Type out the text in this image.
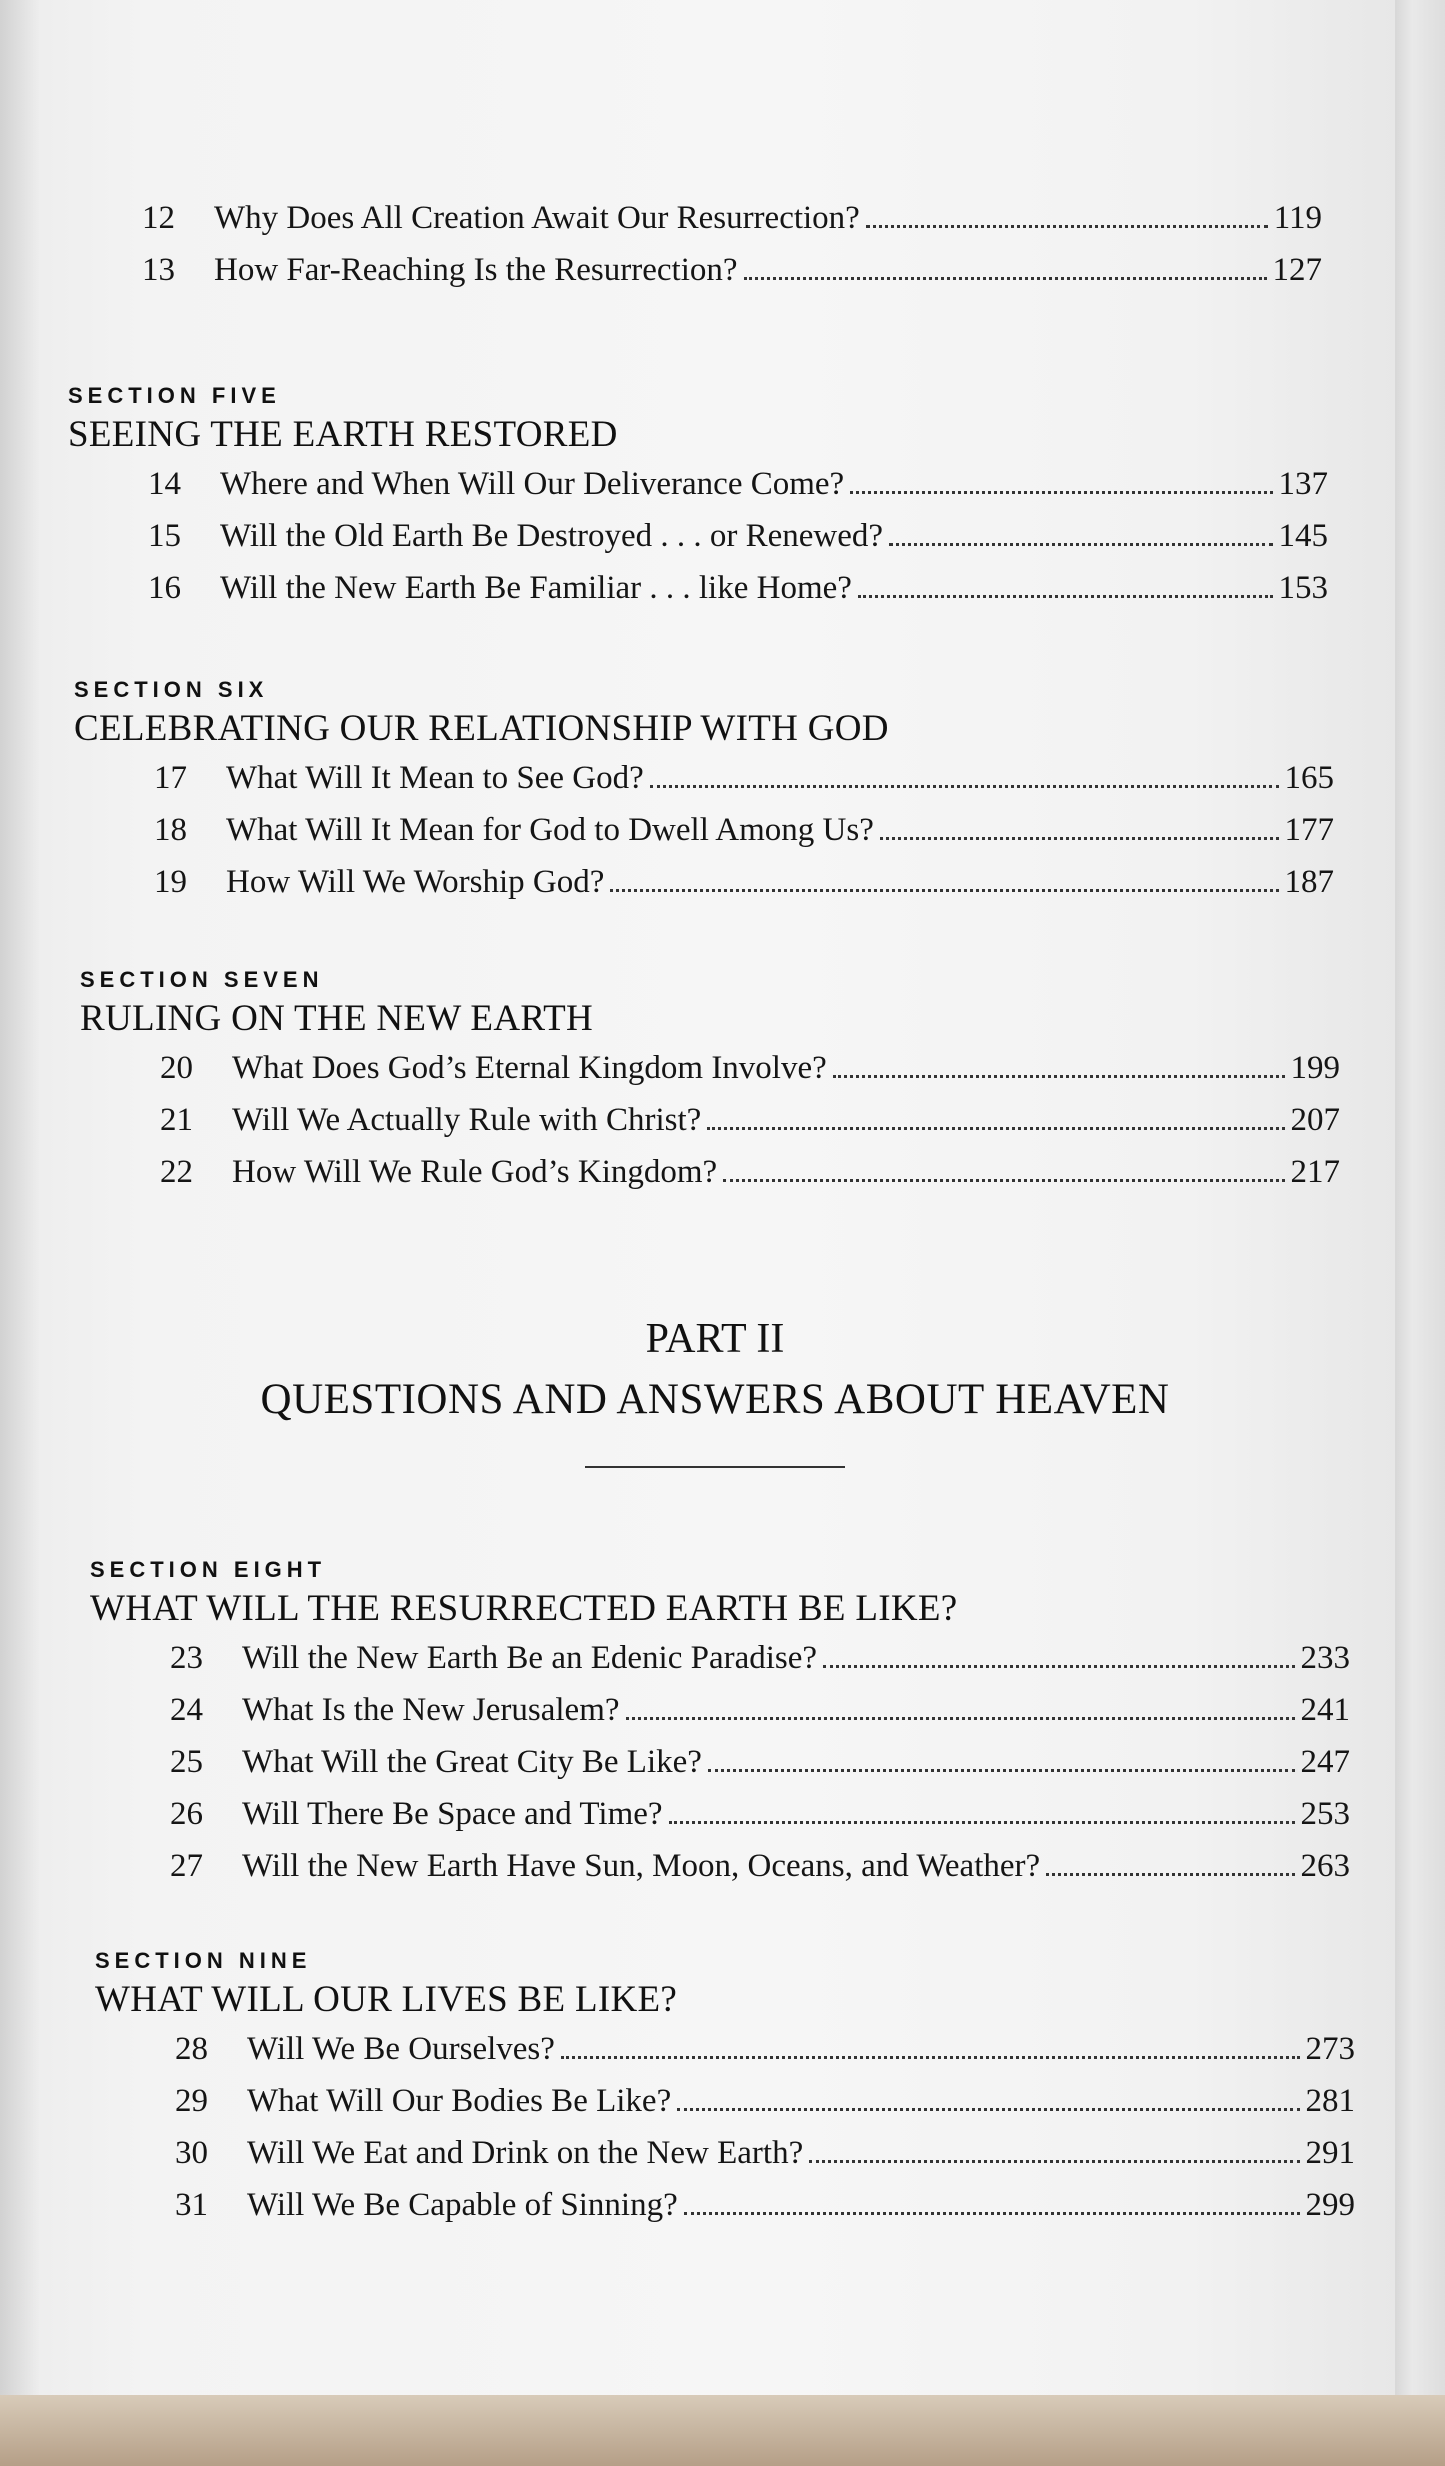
12	Why Does All Creation Await Our Resurrection?	119
13	How Far-Reaching Is the Resurrection?	127
SECTION FIVE
SEEING THE EARTH RESTORED
14	Where and When Will Our Deliverance Come?	137
15	Will the Old Earth Be Destroyed . . . or Renewed?	145
16	Will the New Earth Be Familiar . . . like Home?	153
SECTION SIX
CELEBRATING OUR RELATIONSHIP WITH GOD
17	What Will It Mean to See God?	165
18	What Will It Mean for God to Dwell Among Us?	177
19	How Will We Worship God?	187
SECTION SEVEN
RULING ON THE NEW EARTH
20	What Does God’s Eternal Kingdom Involve?	199
21	Will We Actually Rule with Christ?	207
22	How Will We Rule God’s Kingdom?	217
PART II
QUESTIONS AND ANSWERS ABOUT HEAVEN
SECTION EIGHT
WHAT WILL THE RESURRECTED EARTH BE LIKE?
23	Will the New Earth Be an Edenic Paradise?	233
24	What Is the New Jerusalem?	241
25	What Will the Great City Be Like?	247
26	Will There Be Space and Time?	253
27	Will the New Earth Have Sun, Moon, Oceans, and Weather?	263
SECTION NINE
WHAT WILL OUR LIVES BE LIKE?
28	Will We Be Ourselves?	273
29	What Will Our Bodies Be Like?	281
30	Will We Eat and Drink on the New Earth?	291
31	Will We Be Capable of Sinning?	299
